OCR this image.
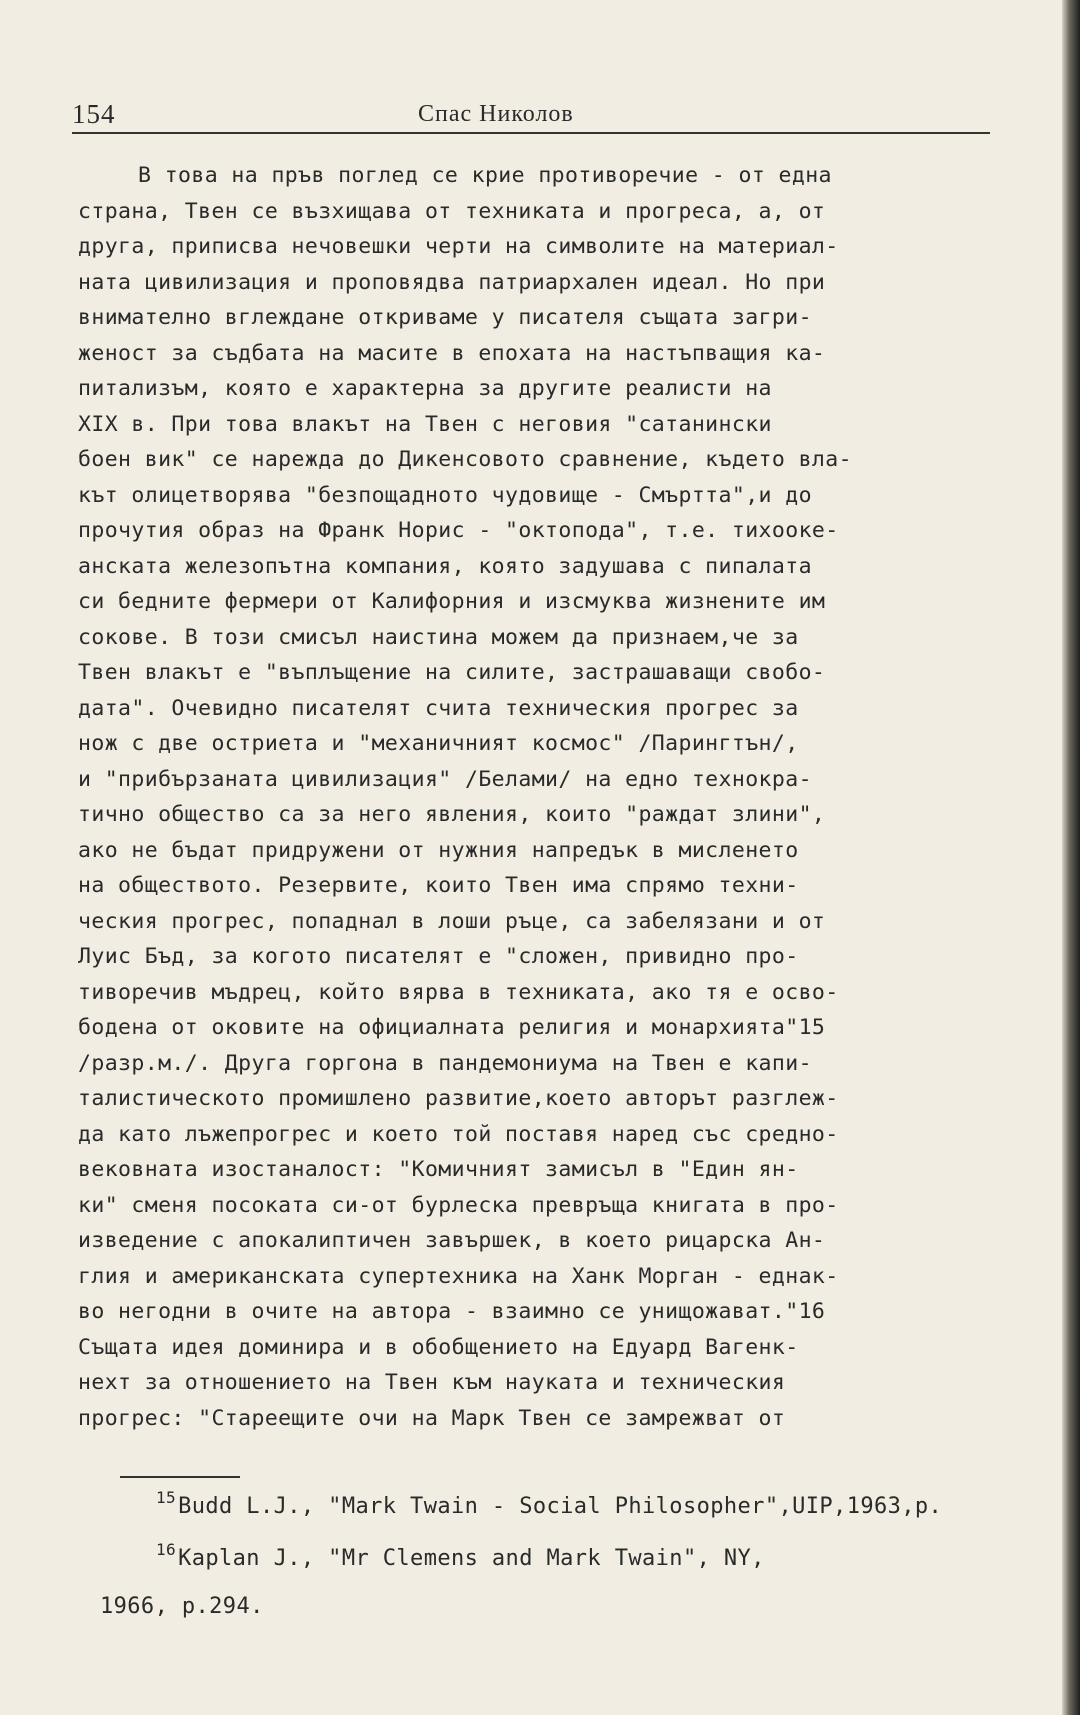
154	Спас Николов
В това на пръв поглед се крие противоречие - от една
страна, Твен се възхищава от техниката и прогреса, а, от
друга, приписва нечовешки черти на символите на материал-
ната цивилизация и проповядва патриархален идеал. Но при
внимателно вглеждане откриваме у писателя същата загри-
женост за съдбата на масите в епохата на настъпващия ка-
питализъм, която е характерна за другите реалисти на
XIX в. При това влакът на Твен с неговия "сатанински
боен вик" се нарежда до Дикенсовото сравнение, където вла-
кът олицетворява "безпощадното чудовище - Смъртта",и до
прочутия образ на Франк Норис - "октопода", т.е. тихооке-
анската железопътна компания, която задушава с пипалата
си бедните фермери от Калифорния и изсмуква жизнените им
сокове. В този смисъл наистина можем да признаем,че за
Твен влакът е "въплъщение на силите, застрашаващи свобо-
дата". Очевидно писателят счита техническия прогрес за
нож с две остриета и "механичният космос" /Парингтън/,
и "прибързаната цивилизация" /Белами/ на едно технокра-
тично общество са за него явления, които "раждат злини",
ако не бъдат придружени от нужния напредък в мисленето
на обществото. Резервите, които Твен има спрямо техни-
ческия прогрес, попаднал в лоши ръце, са забелязани и от
Луис Бъд, за когото писателят е "сложен, привидно про-
тиворечив мъдрец, който вярва в техниката, ако тя е осво-
бодена от оковите на официалната религия и монархията"15
/разр.м./. Друга горгона в пандемониума на Твен е капи-
талистическото промишлено развитие,което авторът разглеж-
да като лъжепрогрес и което той поставя наред със средно-
вековната изостаналост: "Комичният замисъл в "Един ян-
ки" сменя посоката си-от бурлеска превръща книгата в про-
изведение с апокалиптичен завършек, в което рицарска Ан-
глия и американската супертехника на Ханк Морган - еднак-
во негодни в очите на автора - взаимно се унищожават."16
Същата идея доминира и в обобщението на Едуард Вагенк-
нехт за отношението на Твен към науката и техническия
прогрес: "Стареещите очи на Марк Твен се замрежват от
$^{15}$Budd L.J., "Mark Twain - Social Philosopher",UIP,1963,p.
$^{16}$Kaplan J., "Mr Clemens and Mark Twain", NY,
1966, p.294.
